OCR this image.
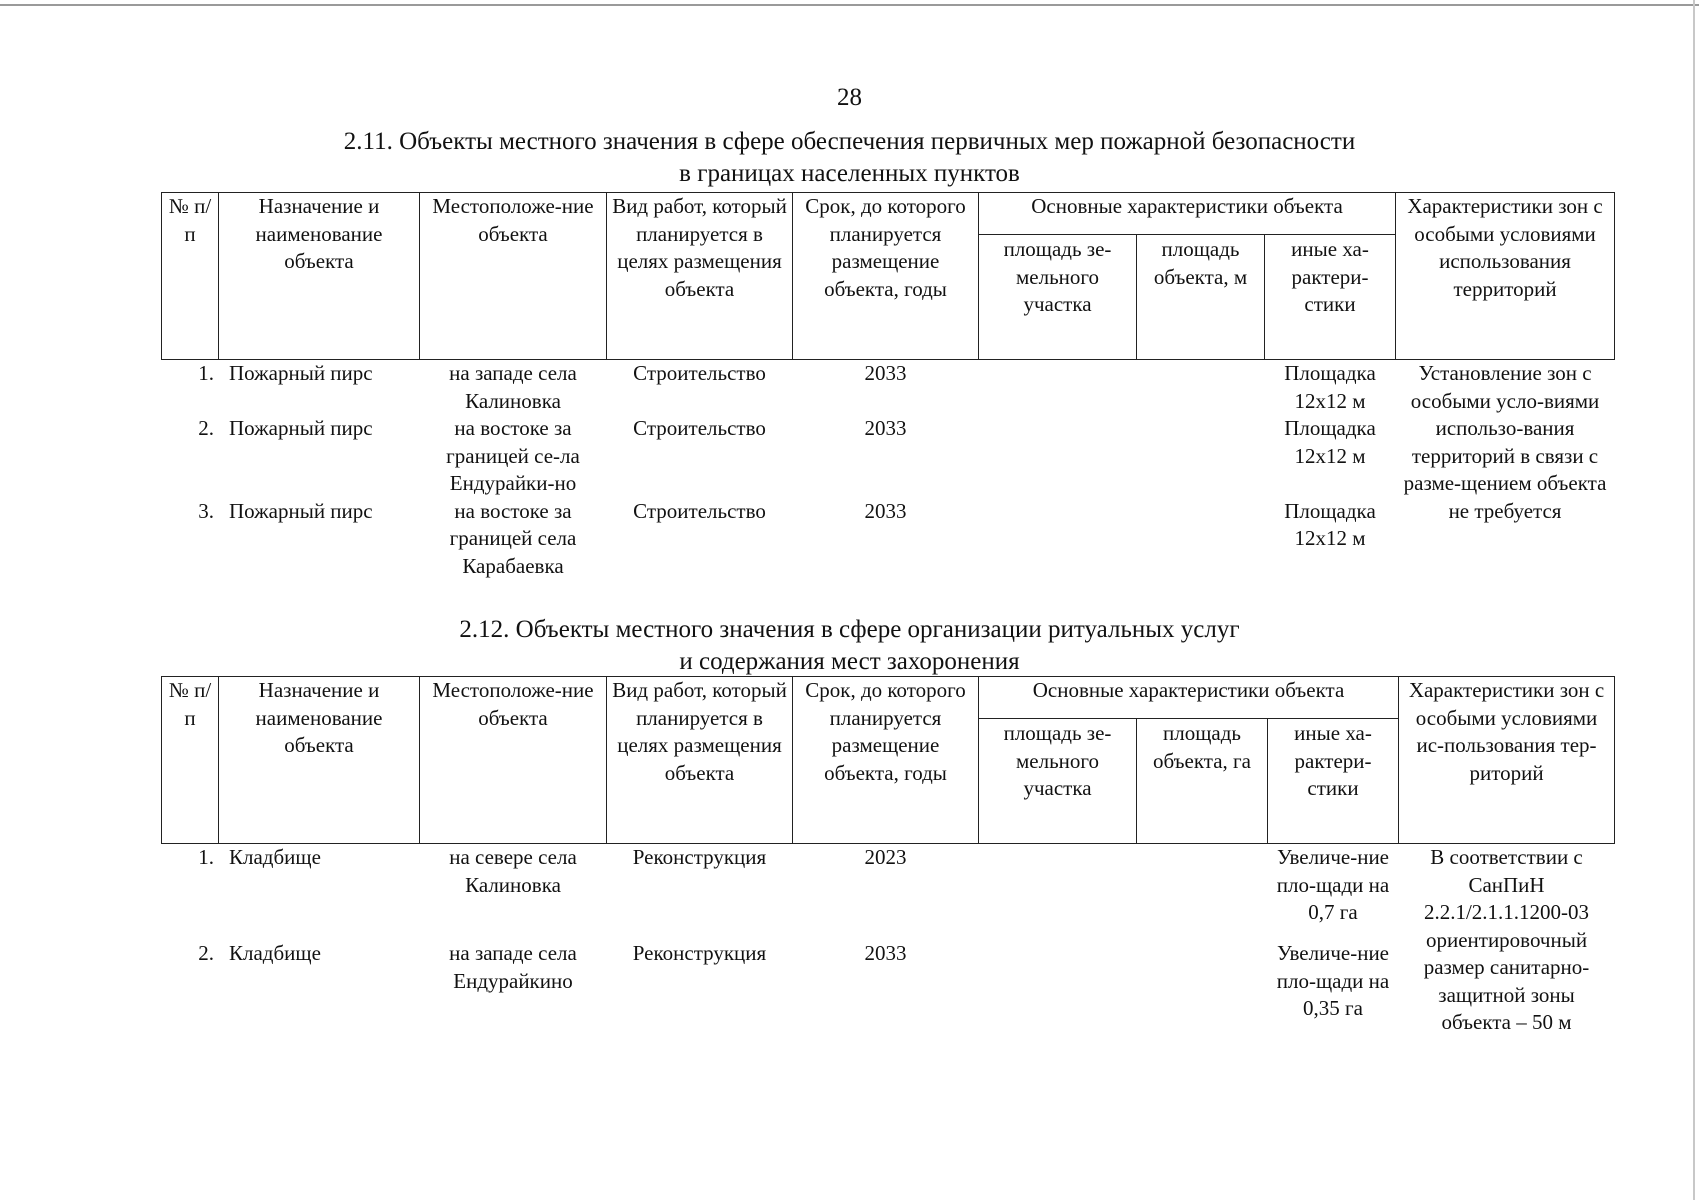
28
2.11. Объекты местного значения в сфере обеспечения первичных мер пожарной безопасности
в границах населенных пунктов
№ п/п	Назначение и наименование объекта	Местоположе-ние объекта	Вид работ, который планируется в целях размещения объекта	Срок, до которого планируется размещение объекта, годы	Основные характеристики объекта			Характеристики зон с особыми условиями использования территорий
					площадь зе-мельного участка	площадь объекта, м	иные ха-рактери-стики	
1.	Пожарный пирс	на западе села Калиновка	Строительство	2033			Площадка 12х12 м	Установление зон с особыми усло-виями использо-вания территорий в связи с разме-щением объекта не требуется
2.	Пожарный пирс	на востоке за границей се-ла Ендурайки-но	Строительство	2033			Площадка 12х12 м	
3.	Пожарный пирс	на востоке за границей села Карабаевка	Строительство	2033			Площадка 12х12 м	
2.12. Объекты местного значения в сфере организации ритуальных услуг
и содержания мест захоронения
№ п/п	Назначение и наименование объекта	Местоположе-ние объекта	Вид работ, который планируется в целях размещения объекта	Срок, до которого планируется размещение объекта, годы	Основные характеристики объекта			Характеристики зон с особыми условиями ис-пользования тер-риторий
					площадь зе-мельного участка	площадь объекта, га	иные ха-рактери-стики	
1.	Кладбище	на севере села Калиновка	Реконструкция	2023			Увеличе-ние пло-щади на 0,7 га	В соответствии с СанПиН 2.2.1/2.1.1.1200-03 ориентировочный размер санитарно-защитной зоны объекта – 50 м
2.	Кладбище	на западе села Ендурайкино	Реконструкция	2033			Увеличе-ние пло-щади на 0,35 га	
